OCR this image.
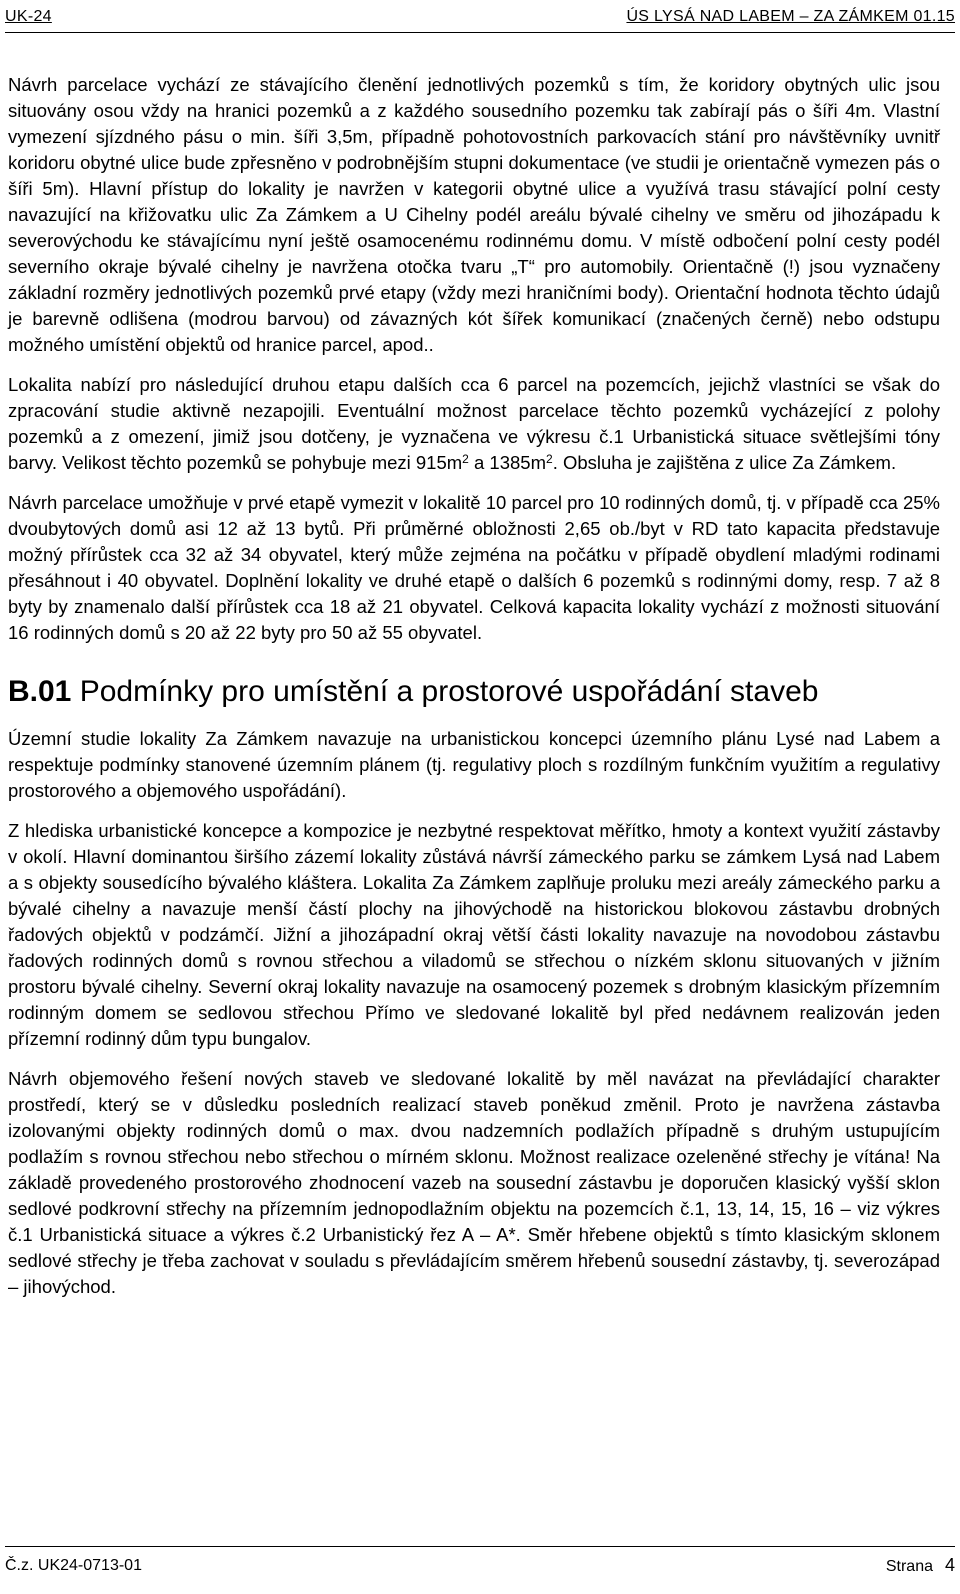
UK-24	ÚS LYSÁ NAD LABEM – ZA ZÁMKEM 01.15

Návrh parcelace vychází ze stávajícího členění jednotlivých pozemků s tím, že koridory obytných ulic jsou situovány osou vždy na hranici pozemků a z každého sousedního pozemku tak zabírají pás o šíři 4m. Vlastní vymezení sjízdného pásu o min. šíři 3,5m, případně pohotovostních parkovacích stání pro návštěvníky uvnitř koridoru obytné ulice bude zpřesněno v podrobnějším stupni dokumentace (ve studii je orientačně vymezen pás o šíři 5m). Hlavní přístup do lokality je navržen v kategorii obytné ulice a využívá trasu stávající polní cesty navazující na křižovatku ulic Za Zámkem a U Cihelny podél areálu bývalé cihelny ve směru od jihozápadu k severovýchodu ke stávajícímu nyní ještě osamocenému rodinnému domu. V místě odbočení polní cesty podél severního okraje bývalé cihelny je navržena otočka tvaru „T“ pro automobily. Orientačně (!) jsou vyznačeny základní rozměry jednotlivých pozemků prvé etapy (vždy mezi hraničními body). Orientační hodnota těchto údajů je barevně odlišena (modrou barvou) od závazných kót šířek komunikací (značených černě) nebo odstupu možného umístění objektů od hranice parcel, apod..

Lokalita nabízí pro následující druhou etapu dalších cca 6 parcel na pozemcích, jejichž vlastníci se však do zpracování studie aktivně nezapojili. Eventuální možnost parcelace těchto pozemků vycházející z polohy pozemků a z omezení, jimiž jsou dotčeny, je vyznačena ve výkresu č.1 Urbanistická situace světlejšími tóny barvy. Velikost těchto pozemků se pohybuje mezi $915m^2$ a $1385m^2$. Obsluha je zajištěna z ulice Za Zámkem.

Návrh parcelace umožňuje v prvé etapě vymezit v lokalitě 10 parcel pro 10 rodinných domů, tj. v případě cca 25% dvoubytových domů asi 12 až 13 bytů. Při průměrné obložnosti 2,65 ob./byt v RD tato kapacita představuje možný přírůstek cca 32 až 34 obyvatel, který může zejména na počátku v případě obydlení mladými rodinami přesáhnout i 40 obyvatel. Doplnění lokality ve druhé etapě o dalších 6 pozemků s rodinnými domy, resp. 7 až 8 byty by znamenalo další přírůstek cca 18 až 21 obyvatel. Celková kapacita lokality vychází z možnosti situování 16 rodinných domů s 20 až 22 byty pro 50 až 55 obyvatel.

B.01 Podmínky pro umístění a prostorové uspořádání staveb

Územní studie lokality Za Zámkem navazuje na urbanistickou koncepci územního plánu Lysé nad Labem a respektuje podmínky stanovené územním plánem (tj. regulativy ploch s rozdílným funkčním využitím a regulativy prostorového a objemového uspořádání).

Z hlediska urbanistické koncepce a kompozice je nezbytné respektovat měřítko, hmoty a kontext využití zástavby v okolí. Hlavní dominantou širšího zázemí lokality zůstává návrší zámeckého parku se zámkem Lysá nad Labem a s objekty sousedícího bývalého kláštera. Lokalita Za Zámkem zaplňuje proluku mezi areály zámeckého parku a bývalé cihelny a navazuje menší částí plochy na jihovýchodě na historickou blokovou zástavbu drobných řadových objektů v podzámčí. Jižní a jihozápadní okraj větší části lokality navazuje na novodobou zástavbu řadových rodinných domů s rovnou střechou a viladomů se střechou o nízkém sklonu situovaných v jižním prostoru bývalé cihelny. Severní okraj lokality navazuje na osamocený pozemek s drobným klasickým přízemním rodinným domem se sedlovou střechou Přímo ve sledované lokalitě byl před nedávnem realizován jeden přízemní rodinný dům typu bungalov.

Návrh objemového řešení nových staveb ve sledované lokalitě by měl navázat na převládající charakter prostředí, který se v důsledku posledních realizací staveb poněkud změnil. Proto je navržena zástavba izolovanými objekty rodinných domů o max. dvou nadzemních podlažích případně s druhým ustupujícím podlažím s rovnou střechou nebo střechou o mírném sklonu. Možnost realizace ozeleněné střechy je vítána! Na základě provedeného prostorového zhodnocení vazeb na sousední zástavbu je doporučen klasický vyšší sklon sedlové podkrovní střechy na přízemním jednopodlažním objektu na pozemcích č.1, 13, 14, 15, 16 – viz výkres č.1 Urbanistická situace a výkres č.2 Urbanistický řez A – A*. Směr hřebene objektů s tímto klasickým sklonem sedlové střechy je třeba zachovat v souladu s převládajícím směrem hřebenů sousední zástavby, tj. severozápad – jihovýchod.

Č.z. UK24-0713-01	Strana 4
